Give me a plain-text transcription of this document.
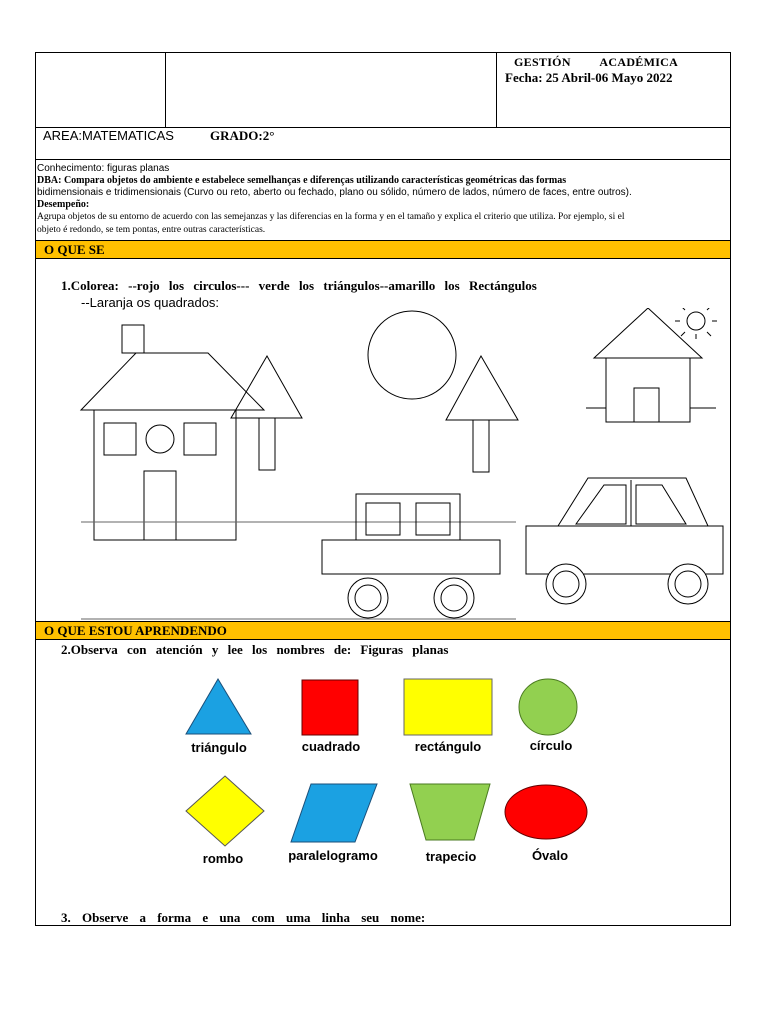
GESTIÓN ACADÉMICA
Fecha: 25 Abril-06 Mayo 2022
AREA:MATEMATICAS	GRADO:2°
Conhecimento: figuras planas
DBA: Compara objetos do ambiente e estabelece semelhanças e diferenças utilizando características geométricas das formas
bidimensionais e tridimensionais (Curvo ou reto, aberto ou fechado, plano ou sólido, número de lados, número de faces, entre outros).
Desempeño:
Agrupa objetos de su entorno de acuerdo con las semejanzas y las diferencias en la forma y en el tamaño y explica el criterio que utiliza. Por ejemplo, si el
objeto é redondo, se tem pontas, entre outras características.
O QUE SE
1.Colorea: --rojo los circulos--- verde los triángulos--amarillo los Rectángulos
--Laranja os quadrados:
O QUE ESTOU APRENDENDO
2.Observa con atención y lee los nombres de: Figuras planas
triángulo	cuadrado	rectángulo	círculo
rombo	paralelogramo	trapecio	Óvalo
3. Observe a forma e una com uma linha seu nome:
